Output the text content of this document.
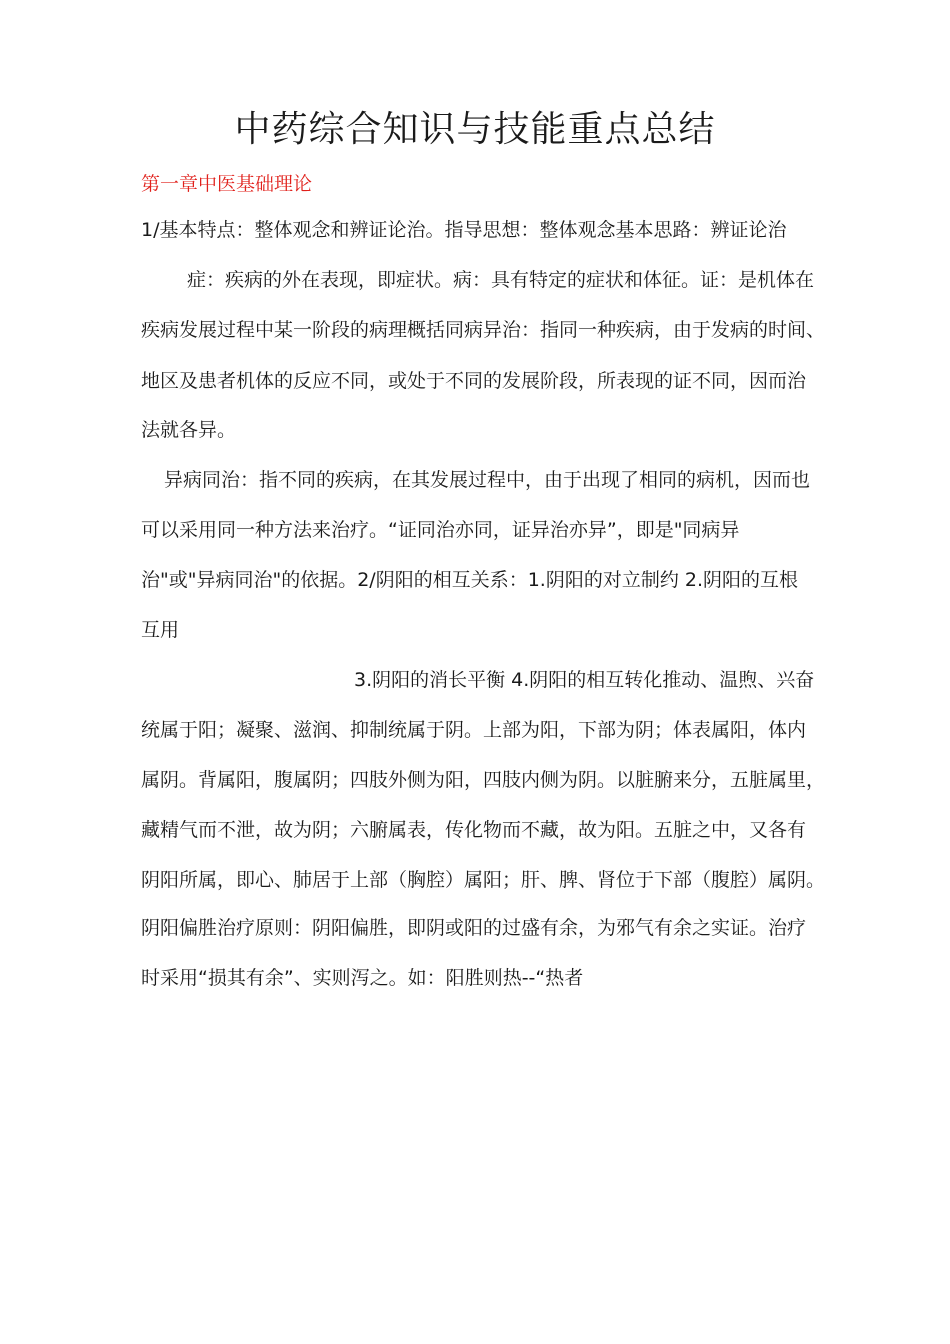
中药综合知识与技能重点总结
第一章中医基础理论

1/基本特点：整体观念和辨证论治。指导思想：整体观念基本思路：辨证论治

症：疾病的外在表现，即症状。病：具有特定的症状和体征。证：是机体在

疾病发展过程中某一阶段的病理概括同病异治：指同一种疾病，由于发病的时间、

地区及患者机体的反应不同，或处于不同的发展阶段，所表现的证不同，因而治

法就各异。

异病同治：指不同的疾病，在其发展过程中，由于出现了相同的病机，因而也

可以采用同一种方法来治疗。“证同治亦同，证异治亦异”，即是"同病异

治"或"异病同治"的依据。2/阴阳的相互关系：1.阴阳的对立制约 2.阴阳的互根

互用

3.阴阳的消长平衡 4.阴阳的相互转化推动、温煦、兴奋

统属于阳；凝聚、滋润、抑制统属于阴。上部为阳，下部为阴；体表属阳，体内

属阴。背属阳，腹属阴；四肢外侧为阳，四肢内侧为阴。以脏腑来分，五脏属里，

藏精气而不泄，故为阴；六腑属表，传化物而不藏，故为阳。五脏之中，又各有

阴阳所属，即心、肺居于上部（胸腔）属阳；肝、脾、肾位于下部（腹腔）属阴。

阴阳偏胜治疗原则：阴阳偏胜，即阴或阳的过盛有余，为邪气有余之实证。治疗

时采用“损其有余”、实则泻之。如：阳胜则热--“热者
